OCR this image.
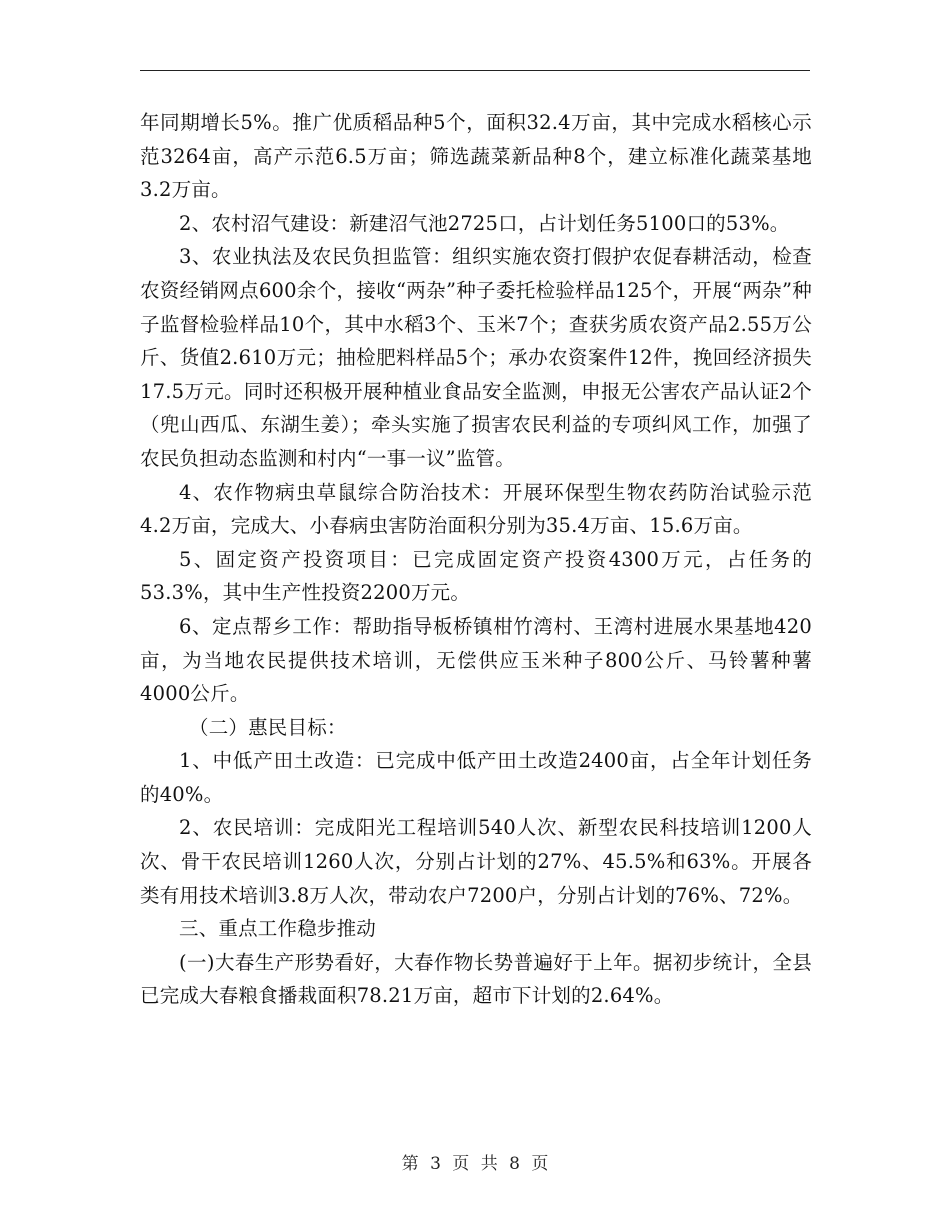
年同期增长5%。推广优质稻品种5个，面积32.4万亩，其中完成水稻核心示范3264亩，高产示范6.5万亩；筛选蔬菜新品种8个，建立标准化蔬菜基地3.2万亩。

2、农村沼气建设：新建沼气池2725口，占计划任务5100口的53%。

3、农业执法及农民负担监管：组织实施农资打假护农促春耕活动，检查农资经销网点600余个，接收“两杂”种子委托检验样品125个，开展“两杂”种子监督检验样品10个，其中水稻3个、玉米7个；查获劣质农资产品2.55万公斤、货值2.610万元；抽检肥料样品5个；承办农资案件12件，挽回经济损失17.5万元。同时还积极开展种植业食品安全监测，申报无公害农产品认证2个（兜山西瓜、东湖生姜）；牵头实施了损害农民利益的专项纠风工作，加强了农民负担动态监测和村内“一事一议”监管。

4、农作物病虫草鼠综合防治技术：开展环保型生物农药防治试验示范4.2万亩，完成大、小春病虫害防治面积分别为35.4万亩、15.6万亩。

5、固定资产投资项目：已完成固定资产投资4300万元，占任务的53.3%，其中生产性投资2200万元。

6、定点帮乡工作：帮助指导板桥镇柑竹湾村、王湾村进展水果基地420亩，为当地农民提供技术培训，无偿供应玉米种子800公斤、马铃薯种薯4000公斤。

（二）惠民目标：

1、中低产田土改造：已完成中低产田土改造2400亩，占全年计划任务的40%。

2、农民培训：完成阳光工程培训540人次、新型农民科技培训1200人次、骨干农民培训1260人次，分别占计划的27%、45.5%和63%。开展各类有用技术培训3.8万人次，带动农户7200户，分别占计划的76%、72%。

三、重点工作稳步推动

(一)大春生产形势看好，大春作物长势普遍好于上年。据初步统计，全县已完成大春粮食播栽面积78.21万亩，超市下计划的2.64%。

第 3 页 共 8 页
